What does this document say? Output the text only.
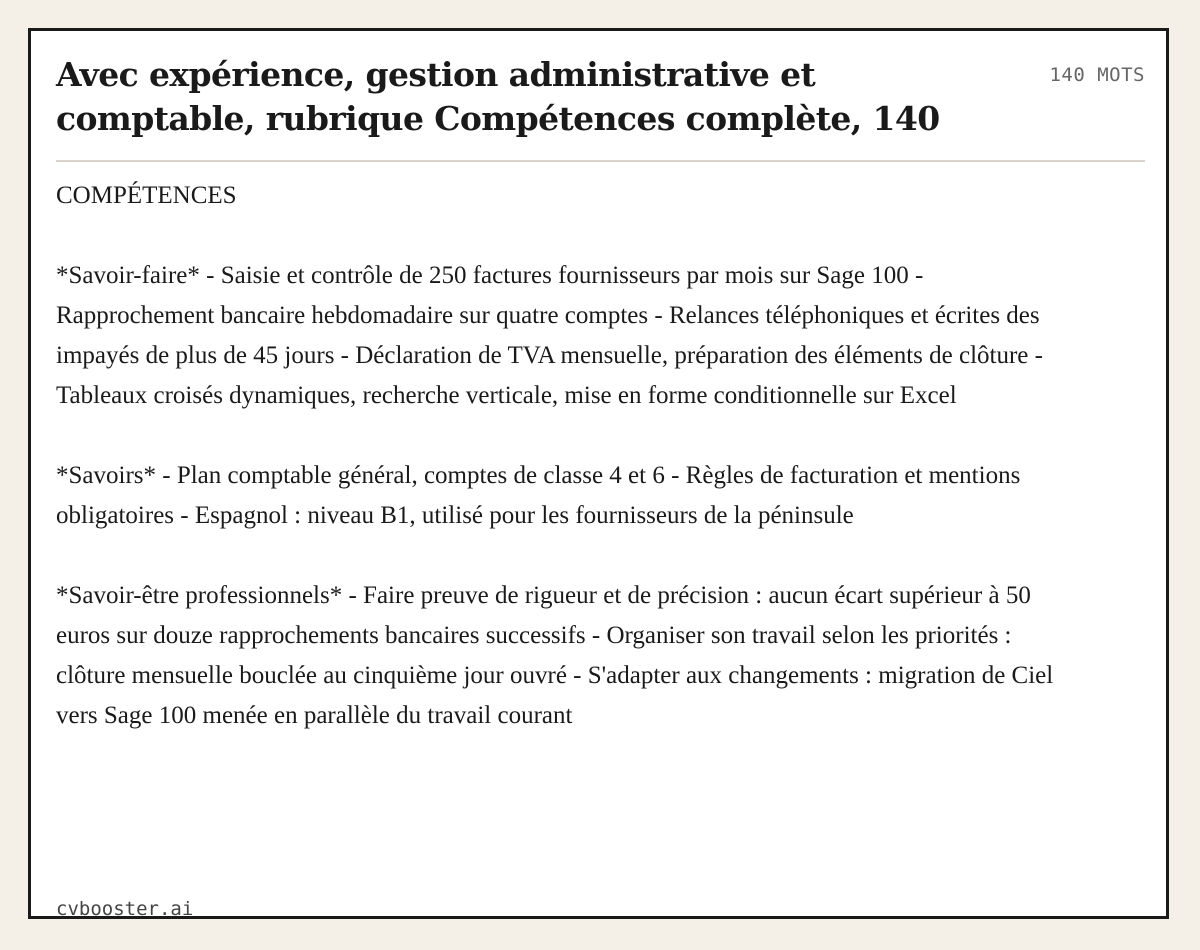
Avec expérience, gestion administrative et comptable, rubrique Compétences complète, 140
140 MOTS

COMPÉTENCES

*Savoir-faire* - Saisie et contrôle de 250 factures fournisseurs par mois sur Sage 100 - Rapprochement bancaire hebdomadaire sur quatre comptes - Relances téléphoniques et écrites des impayés de plus de 45 jours - Déclaration de TVA mensuelle, préparation des éléments de clôture - Tableaux croisés dynamiques, recherche verticale, mise en forme conditionnelle sur Excel

*Savoirs* - Plan comptable général, comptes de classe 4 et 6 - Règles de facturation et mentions obligatoires - Espagnol : niveau B1, utilisé pour les fournisseurs de la péninsule

*Savoir-être professionnels* - Faire preuve de rigueur et de précision : aucun écart supérieur à 50 euros sur douze rapprochements bancaires successifs - Organiser son travail selon les priorités : clôture mensuelle bouclée au cinquième jour ouvré - S'adapter aux changements : migration de Ciel vers Sage 100 menée en parallèle du travail courant

cvbooster.ai
